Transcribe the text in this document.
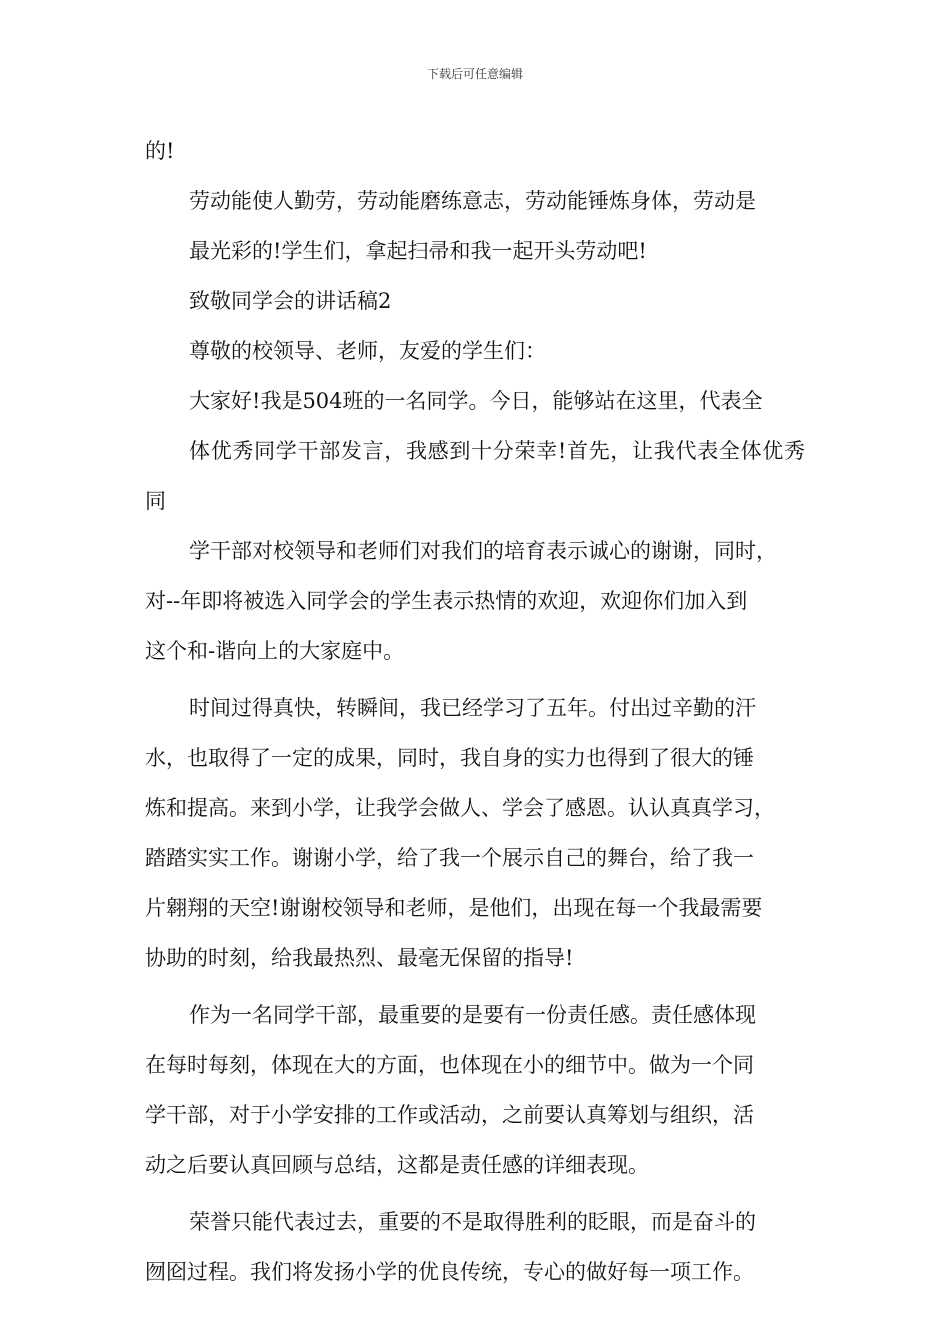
下载后可任意编辑
的!
劳动能使人勤劳，劳动能磨练意志，劳动能锤炼身体，劳动是
最光彩的!学生们，拿起扫帚和我一起开头劳动吧!
致敬同学会的讲话稿2
尊敬的校领导、老师，友爱的学生们：
大家好!我是504班的一名同学。今日，能够站在这里，代表全
体优秀同学干部发言，我感到十分荣幸!首先，让我代表全体优秀同
学干部对校领导和老师们对我们的培育表示诚心的谢谢，同时，
对--年即将被选入同学会的学生表示热情的欢迎，欢迎你们加入到
这个和-谐向上的大家庭中。
时间过得真快，转瞬间，我已经学习了五年。付出过辛勤的汗
水，也取得了一定的成果，同时，我自身的实力也得到了很大的锤
炼和提高。来到小学，让我学会做人、学会了感恩。认认真真学习，
踏踏实实工作。谢谢小学，给了我一个展示自己的舞台，给了我一
片翱翔的天空!谢谢校领导和老师，是他们，出现在每一个我最需要
协助的时刻，给我最热烈、最毫无保留的指导!
作为一名同学干部，最重要的是要有一份责任感。责任感体现
在每时每刻，体现在大的方面，也体现在小的细节中。做为一个同
学干部，对于小学安排的工作或活动，之前要认真筹划与组织，活
动之后要认真回顾与总结，这都是责任感的详细表现。
荣誉只能代表过去，重要的不是取得胜利的眨眼，而是奋斗的
囫囵过程。我们将发扬小学的优良传统，专心的做好每一项工作。
